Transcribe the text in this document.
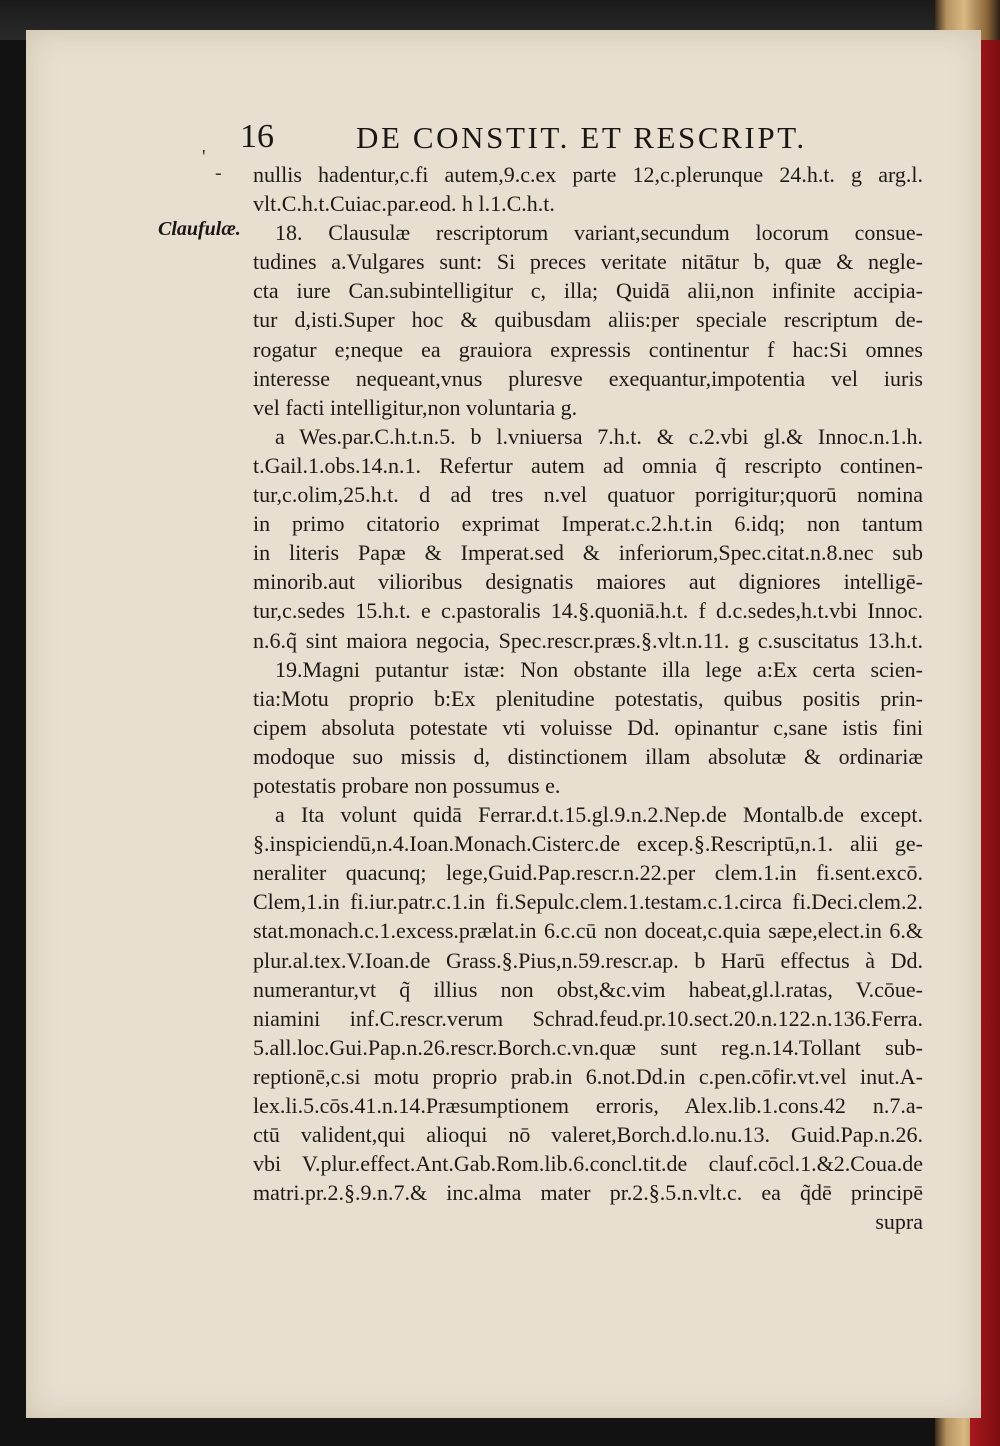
16	DE CONSTIT. ET RESCRIPT.
-
'
Claufulæ.
nullis hadentur,c.fi autem,9.c.ex parte 12,c.plerunque 24.h.t. g arg.l.
vlt.C.h.t.Cuiac.par.eod. h l.1.C.h.t.
18. Clausulæ rescriptorum variant,secundum locorum consue-
tudines a.Vulgares sunt: Si preces veritate nitātur b, quæ & negle-
cta iure Can.subintelligitur c, illa; Quidā alii,non infinite accipia-
tur d,isti.Super hoc & quibusdam aliis:per speciale rescriptum de-
rogatur e;neque ea grauiora expressis continentur f hac:Si omnes
interesse nequeant,vnus pluresve exequantur,impotentia vel iuris
vel facti intelligitur,non voluntaria g.
a Wes.par.C.h.t.n.5. b l.vniuersa 7.h.t. & c.2.vbi gl.& Innoc.n.1.h.
t.Gail.1.obs.14.n.1. Refertur autem ad omnia q̃ rescripto continen-
tur,c.olim,25.h.t. d ad tres n.vel quatuor porrigitur;quorū nomina
in primo citatorio exprimat Imperat.c.2.h.t.in 6.idq; non tantum
in literis Papæ & Imperat.sed & inferiorum,Spec.citat.n.8.nec sub
minorib.aut vilioribus designatis maiores aut digniores intelligē-
tur,c.sedes 15.h.t. e c.pastoralis 14.§.quoniā.h.t. f d.c.sedes,h.t.vbi Innoc.
n.6.q̃ sint maiora negocia, Spec.rescr.præs.§.vlt.n.11. g c.suscitatus 13.h.t.
19.Magni putantur istæ: Non obstante illa lege a:Ex certa scien-
tia:Motu proprio b:Ex plenitudine potestatis, quibus positis prin-
cipem absoluta potestate vti voluisse Dd. opinantur c,sane istis fini
modoque suo missis d, distinctionem illam absolutæ & ordinariæ
potestatis probare non possumus e.
a Ita volunt quidā Ferrar.d.t.15.gl.9.n.2.Nep.de Montalb.de except.
§.inspiciendū,n.4.Ioan.Monach.Cisterc.de excep.§.Rescriptū,n.1. alii ge-
neraliter quacunq; lege,Guid.Pap.rescr.n.22.per clem.1.in fi.sent.excō.
Clem,1.in fi.iur.patr.c.1.in fi.Sepulc.clem.1.testam.c.1.circa fi.Deci.clem.2.
stat.monach.c.1.excess.prælat.in 6.c.cū non doceat,c.quia sæpe,elect.in 6.&
plur.al.tex.V.Ioan.de Grass.§.Pius,n.59.rescr.ap. b Harū effectus à Dd.
numerantur,vt q̃ illius non obst,&c.vim habeat,gl.l.ratas, V.cōue-
niamini inf.C.rescr.verum Schrad.feud.pr.10.sect.20.n.122.n.136.Ferra.
5.all.loc.Gui.Pap.n.26.rescr.Borch.c.vn.quæ sunt reg.n.14.Tollant sub-
reptionē,c.si motu proprio prab.in 6.not.Dd.in c.pen.cōfir.vt.vel inut.A-
lex.li.5.cōs.41.n.14.Præsumptionem erroris, Alex.lib.1.cons.42 n.7.a-
ctū valident,qui alioqui nō valeret,Borch.d.lo.nu.13. Guid.Pap.n.26.
vbi V.plur.effect.Ant.Gab.Rom.lib.6.concl.tit.de clauf.cōcl.1.&2.Coua.de
matri.pr.2.§.9.n.7.& inc.alma mater pr.2.§.5.n.vlt.c. ea q̃dē principē
supra
